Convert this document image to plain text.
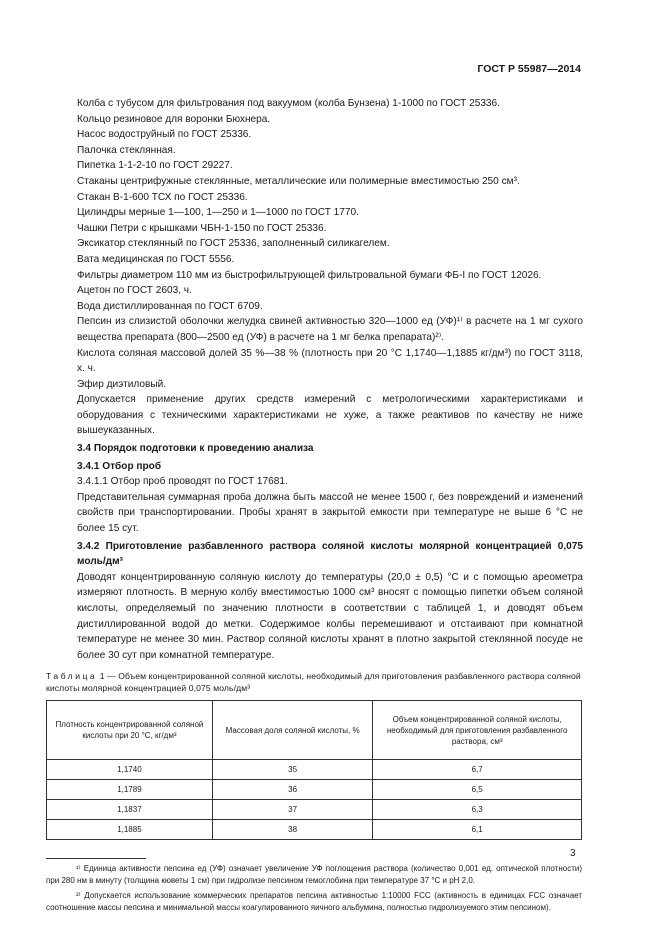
ГОСТ Р 55987—2014

Колба с тубусом для фильтрования под вакуумом (колба Бунзена) 1-1000 по ГОСТ 25336.

Кольцо резиновое для воронки Бюхнера.

Насос водоструйный по ГОСТ 25336.

Палочка стеклянная.

Пипетка 1-1-2-10 по ГОСТ 29227.

Стаканы центрифужные стеклянные, металлические или полимерные вместимостью 250 см³.

Стакан В-1-600 ТСХ по ГОСТ 25336.

Цилиндры мерные 1—100, 1—250 и 1—1000 по ГОСТ 1770.

Чашки Петри с крышками ЧБН-1-150 по ГОСТ 25336.

Эксикатор стеклянный по ГОСТ 25336, заполненный силикагелем.

Вата медицинская по ГОСТ 5556.

Фильтры диаметром 110 мм из быстрофильтрующей фильтровальной бумаги ФБ-I по ГОСТ 12026.

Ацетон по ГОСТ 2603, ч.

Вода дистиллированная по ГОСТ 6709.

Пепсин из слизистой оболочки желудка свиней активностью 320—1000 ед (УФ)¹⁾ в расчете на 1 мг сухого вещества препарата (800—2500 ед (УФ) в расчете на 1 мг белка препарата)²⁾.

Кислота соляная массовой долей 35 %—38 % (плотность при 20 °С 1,1740—1,1885 кг/дм³) по ГОСТ 3118, х. ч.

Эфир диэтиловый.

Допускается применение других средств измерений с метрологическими характеристиками и оборудования с техническими характеристиками не хуже, а также реактивов по качеству не ниже вышеуказанных.

3.4 Порядок подготовки к проведению анализа

3.4.1 Отбор проб

3.4.1.1 Отбор проб проводят по ГОСТ 17681.

Представительная суммарная проба должна быть массой не менее 1500 г, без повреждений и изменений свойств при транспортировании. Пробы хранят в закрытой емкости при температуре не выше 6 °С не более 15 сут.

3.4.2 Приготовление разбавленного раствора соляной кислоты молярной концентрацией 0,075 моль/дм³

Доводят концентрированную соляную кислоту до температуры (20,0 ± 0,5) °С и с помощью ареометра измеряют плотность. В мерную колбу вместимостью 1000 см³ вносят с помощью пипетки объем соляной кислоты, определяемый по значению плотности в соответствии с таблицей 1, и доводят объем дистиллированной водой до метки. Содержимое колбы перемешивают и отстаивают при комнатной температуре не менее 30 мин. Раствор соляной кислоты хранят в плотно закрытой стеклянной посуде не более 30 сут при комнатной температуре.

Таблица 1 — Объем концентрированной соляной кислоты, необходимый для приготовления разбавленного раствора соляной кислоты молярной концентрацией 0,075 моль/дм³
Плотность концентрированной соляной кислоты при 20 °С, кг/дм³	Массовая доля соляной кислоты, %	Объем концентрированной соляной кислоты, необходимый для приготовления разбавленного раствора, см³
1,1740	35	6,7
1,1789	36	6,5
1,1837	37	6,3
1,1885	38	6,1

¹⁾ Единица активности пепсина ед (УФ) означает увеличение УФ поглощения раствора (количество 0,001 ед. оптической плотности) при 280 нм в минуту (толщина кюветы 1 см) при гидролизе пепсином гемоглобина при температуре 37 °С и pH 2,0.

²⁾ Допускается использование коммерческих препаратов пепсина активностью 1:10000 FCC (активность в единицах FCC означает соотношение массы пепсина и минимальной массы коагулированного яичного альбумина, полностью гидролизуемого этим пепсином).

3
